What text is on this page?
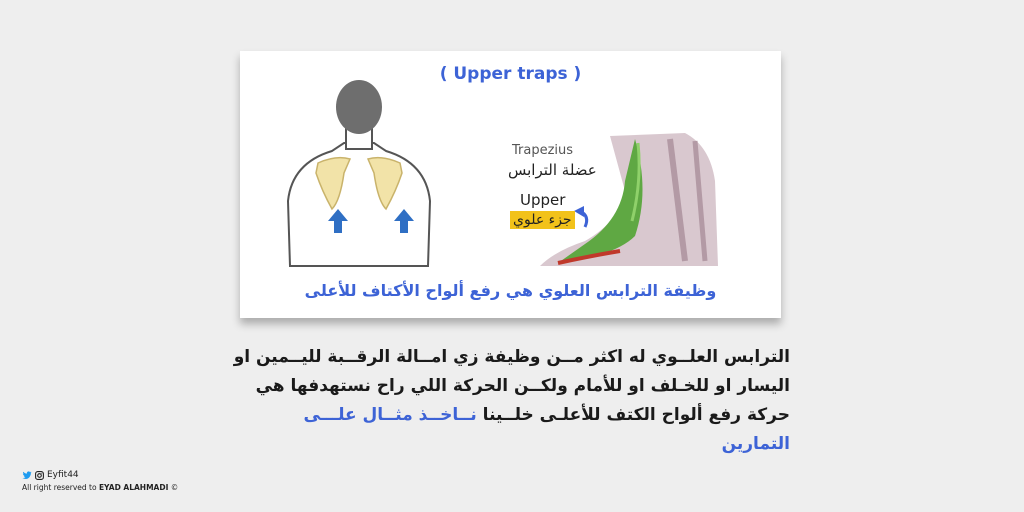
( Upper traps )
Trapezius
عضلة الترابس
Upper
جزء علوي
وظيفة الترابس العلوي هي رفع ألواح الأكتاف للأعلى
الترابس العلــوي له اكثر مــن وظيفة زي امــالة الرقــبة لليــمين او
اليسار او للخـلف او للأمام ولكــن الحركة اللي راح نستهدفها هي
حركة رفع ألواح الكتف للأعلـى خلــينا نــاخــذ مثــال علـــى التمارين
Eyfit44
All right reserved to EYAD ALAHMADI ©
